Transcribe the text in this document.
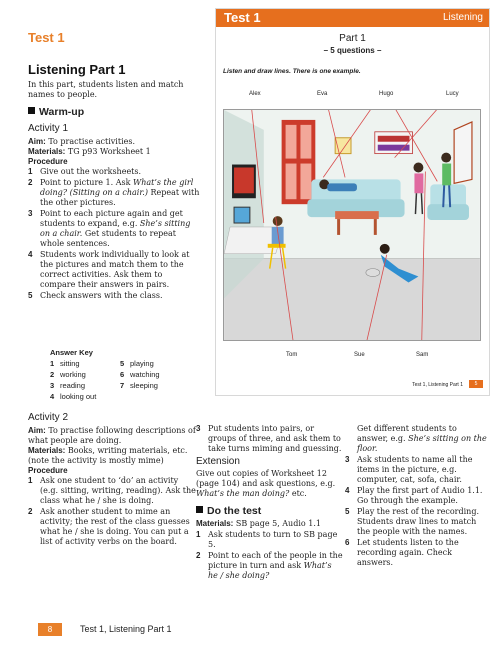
Test 1
Listening Part 1
In this part, students listen and match names to people.
Warm-up
Activity 1
Aim: To practise activities.
Materials: TG p93 Worksheet 1
Procedure
1 Give out the worksheets.
2 Point to picture 1. Ask What’s the girl doing? (Sitting on a chair.) Repeat with the other pictures.
3 Point to each picture again and get students to expand, e.g. She’s sitting on a chair. Get students to repeat whole sentences.
4 Students work individually to look at the pictures and match them to the correct activities. Ask them to compare their answers in pairs.
5 Check answers with the class.
Answer Key
1 sitting	5 playing
2 working	6 watching
3 reading	7 sleeping
4 looking out
Activity 2
Aim: To practise following descriptions of what people are doing.
Materials: Books, writing materials, etc. (note the activity is mostly mime)
Procedure
1 Ask one student to ‘do’ an activity (e.g. sitting, writing, reading). Ask the class what he / she is doing.
2 Ask another student to mime an activity; the rest of the class guesses what he / she is doing. You can put a list of activity verbs on the board.
3 Put students into pairs, or groups of three, and ask them to take turns miming and guessing.
Extension
Give out copies of Worksheet 12 (page 104) and ask questions, e.g. What’s the man doing? etc.
Do the test
Materials: SB page 5, Audio 1.1
1 Ask students to turn to SB page 5.
2 Point to each of the people in the picture in turn and ask What’s he / she doing?
Get different students to answer, e.g. She’s sitting on the floor.
3 Ask students to name all the items in the picture, e.g. computer, cat, sofa, chair.
4 Play the first part of Audio 1.1. Go through the example.
5 Play the rest of the recording. Students draw lines to match the people with the names.
6 Let students listen to the recording again. Check answers.
Test 1	Listening
Part 1
– 5 questions –
Listen and draw lines. There is one example.
Alex	Eva	Hugo	Lucy
Tom	Sue	Sam
Test 1, Listening Part 1	5
8	Test 1, Listening Part 1
